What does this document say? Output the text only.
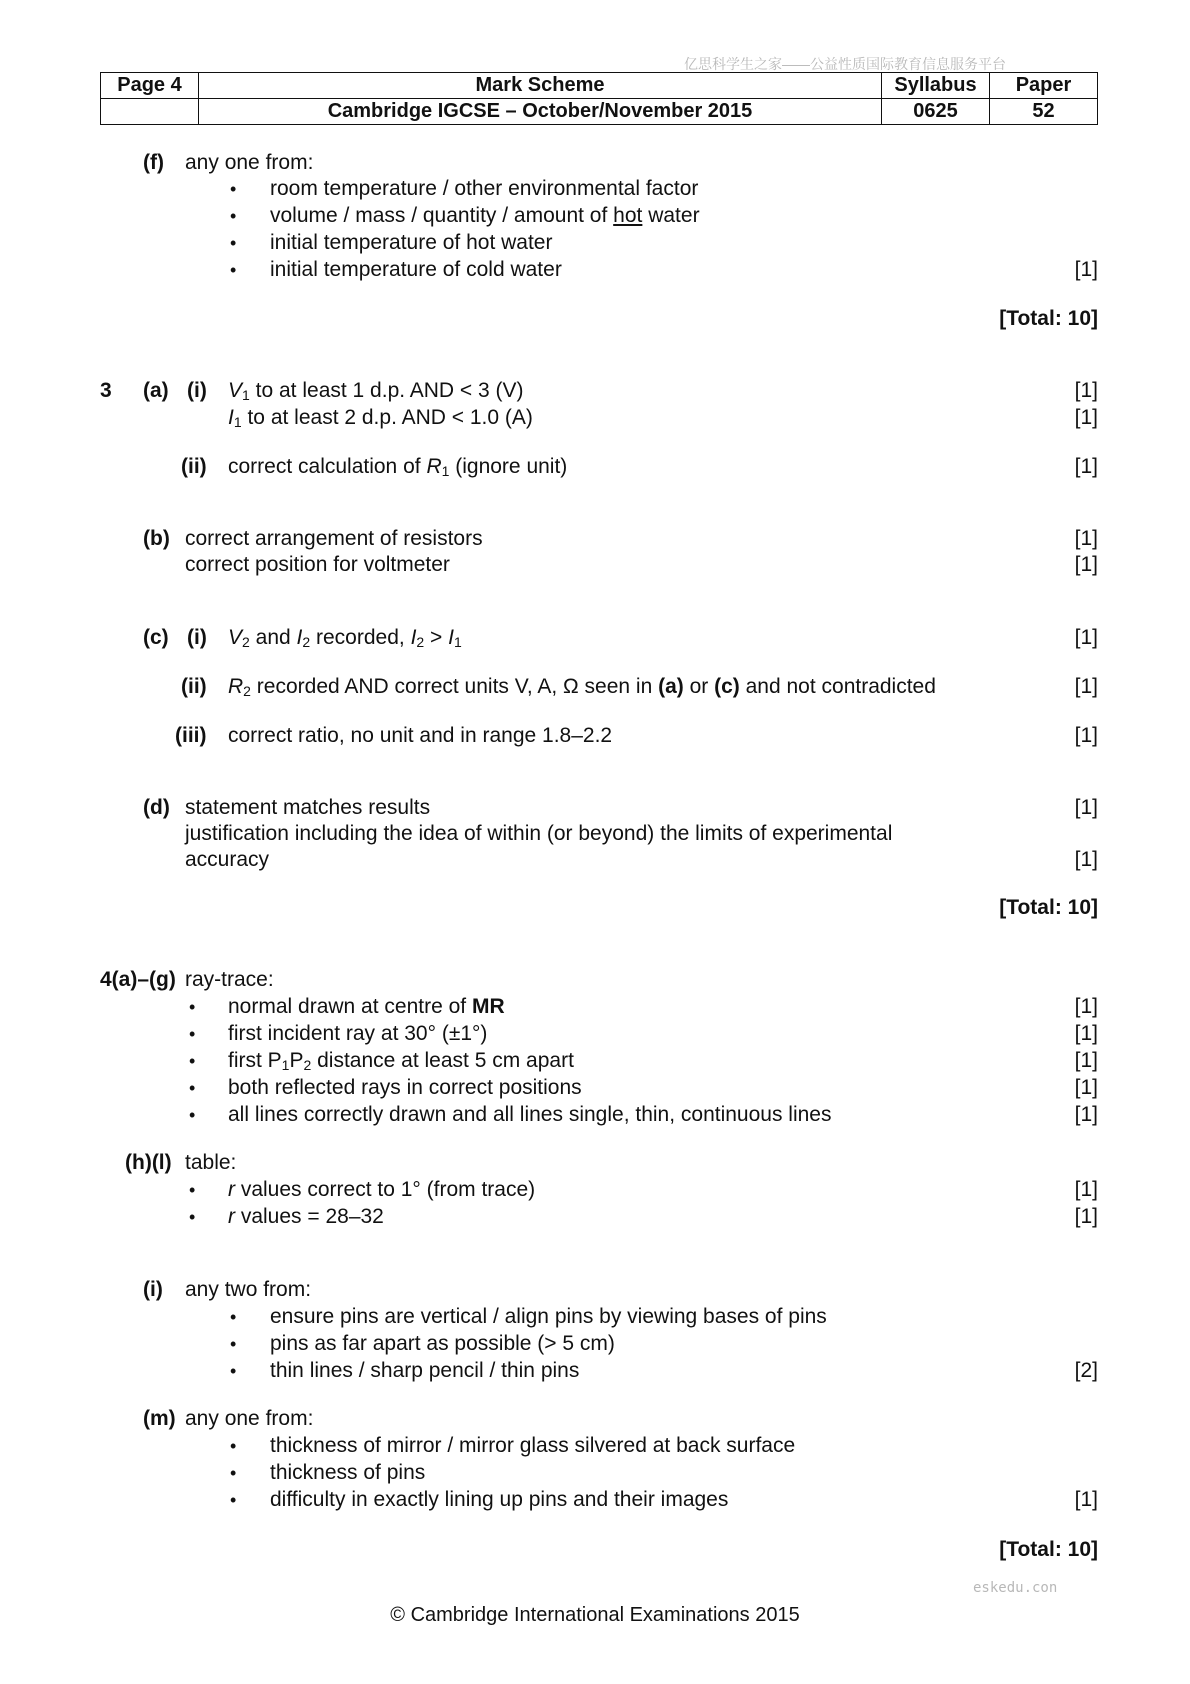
亿思科学生之家——公益性质国际教育信息服务平台
Page 4	Mark Scheme	Syllabus	Paper
	Cambridge IGCSE – October/November 2015	0625	52
(f) any one from:
• room temperature / other environmental factor
• volume / mass / quantity / amount of hot water
• initial temperature of hot water
• initial temperature of cold water	[1]
[Total: 10]
3 (a) (i) $V_1$ to at least 1 d.p. AND < 3 (V)	[1]
$I_1$ to at least 2 d.p. AND < 1.0 (A)	[1]
(ii) correct calculation of $R_1$ (ignore unit)	[1]
(b) correct arrangement of resistors	[1]
correct position for voltmeter	[1]
(c) (i) $V_2$ and $I_2$ recorded, $I_2 > I_1$	[1]
(ii) $R_2$ recorded AND correct units V, A, Ω seen in (a) or (c) and not contradicted	[1]
(iii) correct ratio, no unit and in range 1.8–2.2	[1]
(d) statement matches results	[1]
justification including the idea of within (or beyond) the limits of experimental
accuracy	[1]
[Total: 10]
4(a)–(g) ray-trace:
• normal drawn at centre of MR	[1]
• first incident ray at 30° (±1°)	[1]
• first $P_1P_2$ distance at least 5 cm apart	[1]
• both reflected rays in correct positions	[1]
• all lines correctly drawn and all lines single, thin, continuous lines	[1]
(h)(l) table:
• r values correct to 1° (from trace)	[1]
• r values = 28–32	[1]
(i) any two from:
• ensure pins are vertical / align pins by viewing bases of pins
• pins as far apart as possible (> 5 cm)
• thin lines / sharp pencil / thin pins	[2]
(m) any one from:
• thickness of mirror / mirror glass silvered at back surface
• thickness of pins
• difficulty in exactly lining up pins and their images	[1]
[Total: 10]
eskedu.con
© Cambridge International Examinations 2015
